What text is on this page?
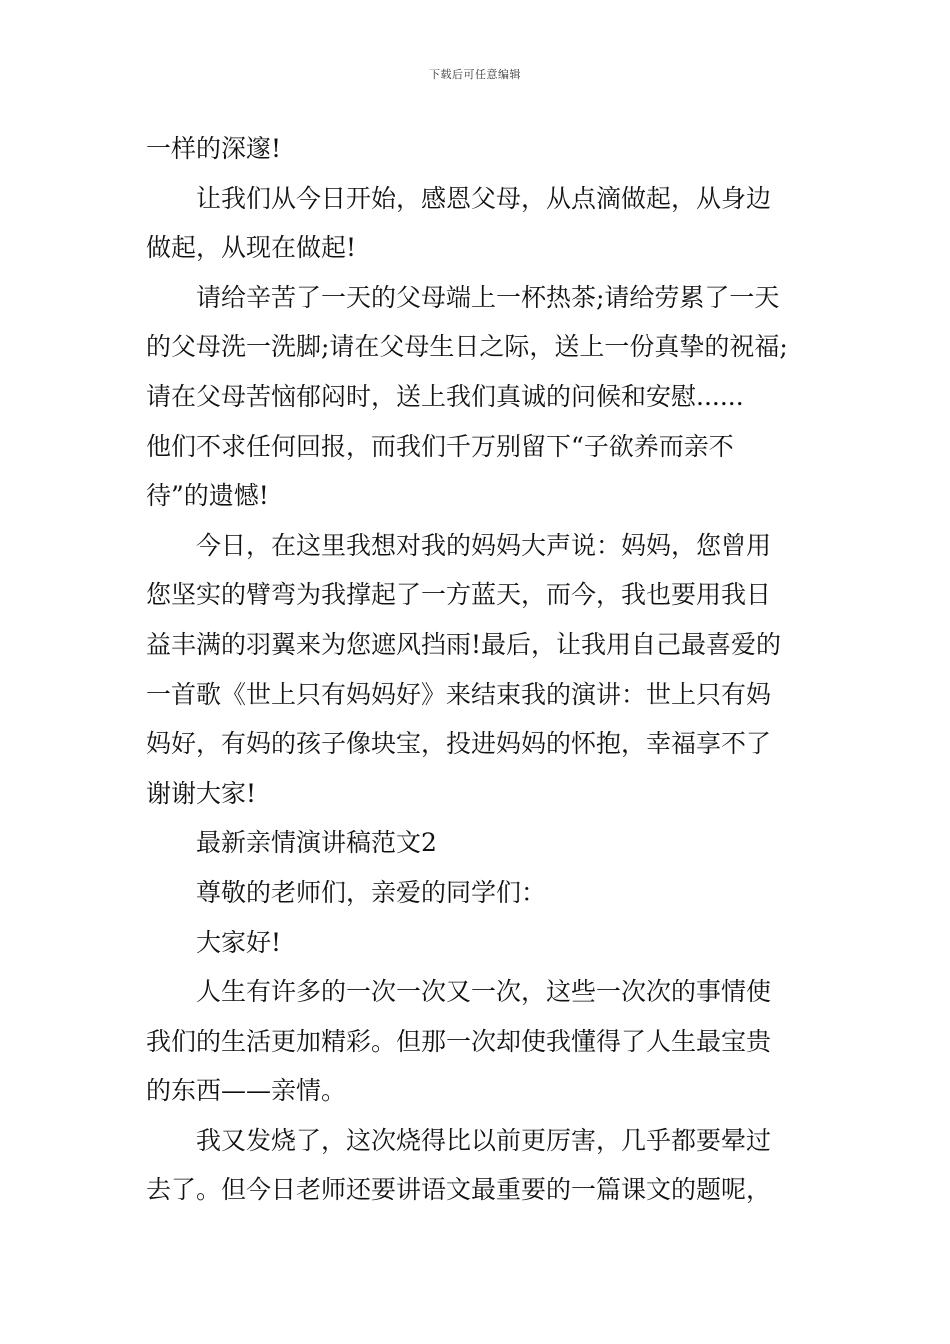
下载后可任意编辑
一样的深邃!
让我们从今日开始，感恩父母，从点滴做起，从身边
做起，从现在做起!
请给辛苦了一天的父母端上一杯热茶;请给劳累了一天
的父母洗一洗脚;请在父母生日之际，送上一份真挚的祝福;
请在父母苦恼郁闷时，送上我们真诚的问候和安慰......
他们不求任何回报，而我们千万别留下“子欲养而亲不
待”的遗憾!
今日，在这里我想对我的妈妈大声说：妈妈，您曾用
您坚实的臂弯为我撑起了一方蓝天，而今，我也要用我日
益丰满的羽翼来为您遮风挡雨!最后，让我用自己最喜爱的
一首歌《世上只有妈妈好》来结束我的演讲：世上只有妈
妈好，有妈的孩子像块宝，投进妈妈的怀抱，幸福享不了
谢谢大家!
最新亲情演讲稿范文2
尊敬的老师们，亲爱的同学们：
大家好!
人生有许多的一次一次又一次，这些一次次的事情使
我们的生活更加精彩。但那一次却使我懂得了人生最宝贵
的东西——亲情。
我又发烧了，这次烧得比以前更厉害，几乎都要晕过
去了。但今日老师还要讲语文最重要的一篇课文的题呢，
